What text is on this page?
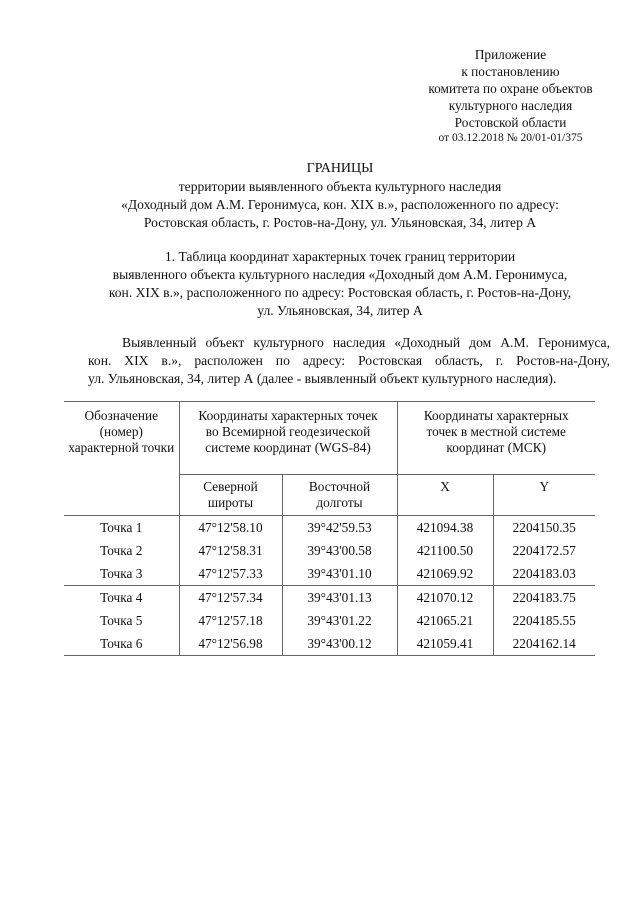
Приложение
к постановлению
комитета по охране объектов
культурного наследия
Ростовской области
от 03.12.2018 № 20/01-01/375
ГРАНИЦЫ
территории выявленного объекта культурного наследия
«Доходный дом А.М. Геронимуса, кон. XIX в.», расположенного по адресу:
Ростовская область, г. Ростов-на-Дону, ул. Ульяновская, 34, литер А
1. Таблица координат характерных точек границ территории
выявленного объекта культурного наследия «Доходный дом А.М. Геронимуса,
кон. XIX в.», расположенного по адресу: Ростовская область, г. Ростов-на-Дону,
ул. Ульяновская, 34, литер А
Выявленный объект культурного наследия «Доходный дом А.М. Геронимуса,
кон. XIX в.», расположен по адресу: Ростовская область, г. Ростов-на-Дону,
ул. Ульяновская, 34, литер А (далее - выявленный объект культурного наследия).
Обозначение (номер) характерной точки	Координаты характерных точек во Всемирной геодезической системе координат (WGS-84)		Координаты характерных точек в местной системе координат (МСК)	
	Северной широты	Восточной долготы	X	Y
Точка 1	47°12'58.10	39°42'59.53	421094.38	2204150.35
Точка 2	47°12'58.31	39°43'00.58	421100.50	2204172.57
Точка 3	47°12'57.33	39°43'01.10	421069.92	2204183.03
Точка 4	47°12'57.34	39°43'01.13	421070.12	2204183.75
Точка 5	47°12'57.18	39°43'01.22	421065.21	2204185.55
Точка 6	47°12'56.98	39°43'00.12	421059.41	2204162.14
